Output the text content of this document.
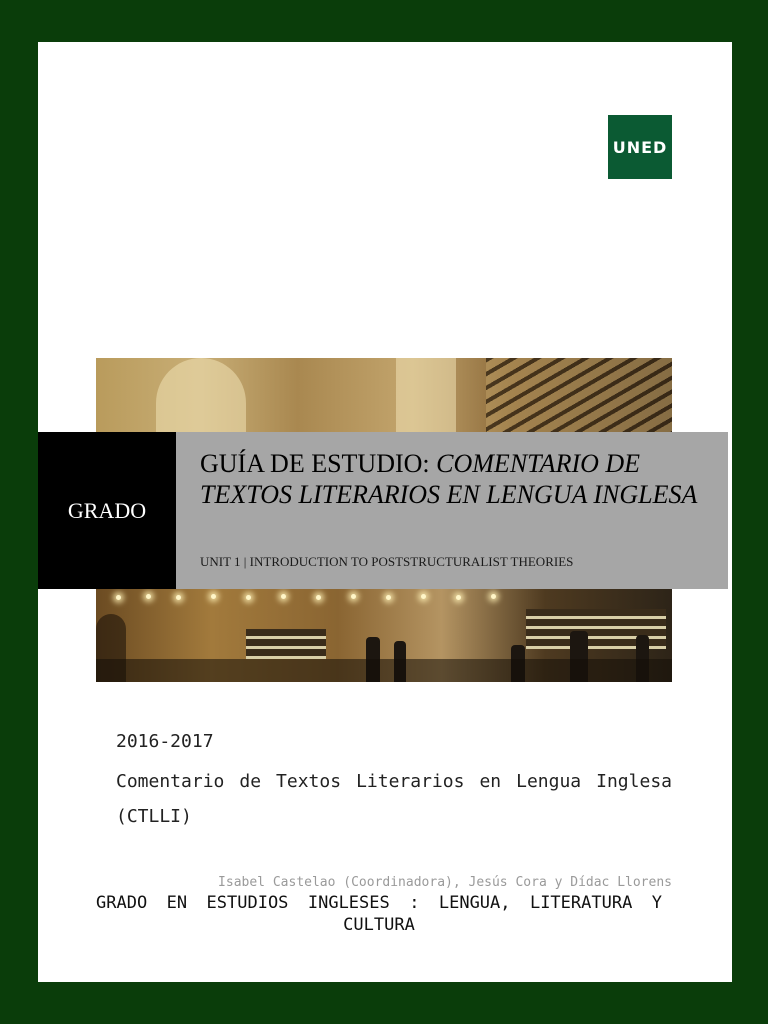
UNED
GRADO
GUÍA DE ESTUDIO: COMENTARIO DE TEXTOS LITERARIOS EN LENGUA INGLESA
UNIT 1 | INTRODUCTION TO POSTSTRUCTURALIST THEORIES
2016-2017
Comentario de Textos Literarios en Lengua Inglesa (CTLLI)
Isabel Castelao (Coordinadora), Jesús Cora y Dídac Llorens
GRADO EN ESTUDIOS INGLESES : LENGUA, LITERATURA Y CULTURA
